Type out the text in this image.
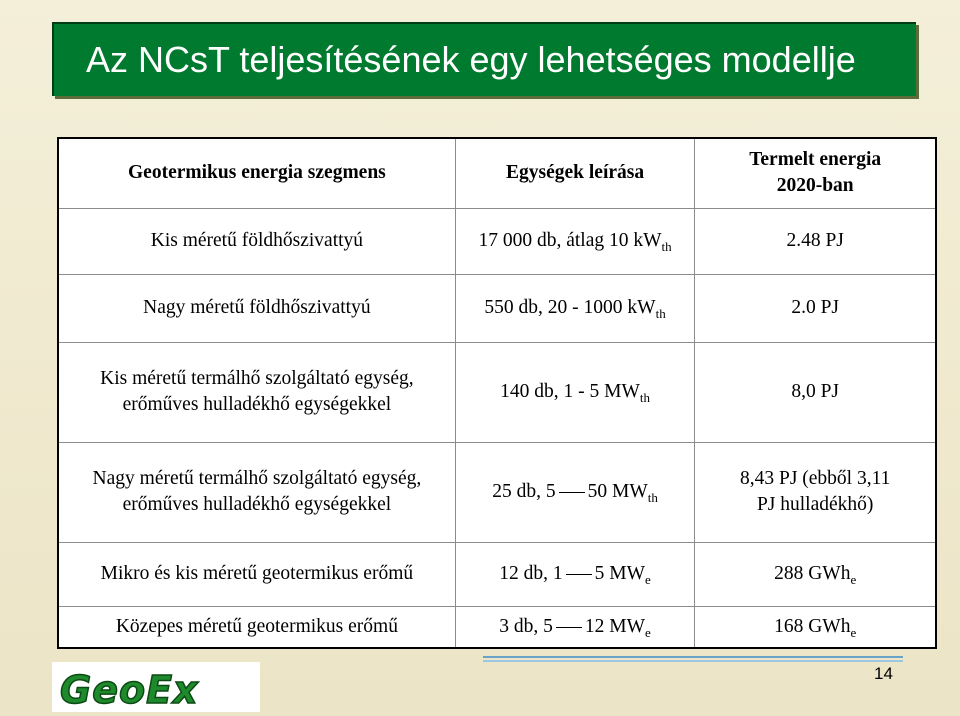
Az NCsT teljesítésének egy lehetséges modellje
Geotermikus energia szegmens	Egységek leírása	Termelt energia
2020-ban
Kis méretű földhőszivattyú	17 000 db, átlag 10 $kW_{th}$	2.48 PJ
Nagy méretű földhőszivattyú	550 db, 20 - 1000 $kW_{th}$	2.0 PJ
Kis méretű termálhő szolgáltató egység,
erőműves hulladékhő egységekkel	140 db, 1 - 5 $MW_{th}$	8,0 PJ
Nagy méretű termálhő szolgáltató egység,
erőműves hulladékhő egységekkel	25 db, 5 50 $MW_{th}$	8,43 PJ (ebből 3,11
PJ hulladékhő)
Mikro és kis méretű geotermikus erőmű	12 db, 1 5 $MW_e$	288 GWh$_e$
Közepes méretű geotermikus erőmű	3 db, 5 12 $MW_e$	168 GWh$_e$
GeoEx	14
